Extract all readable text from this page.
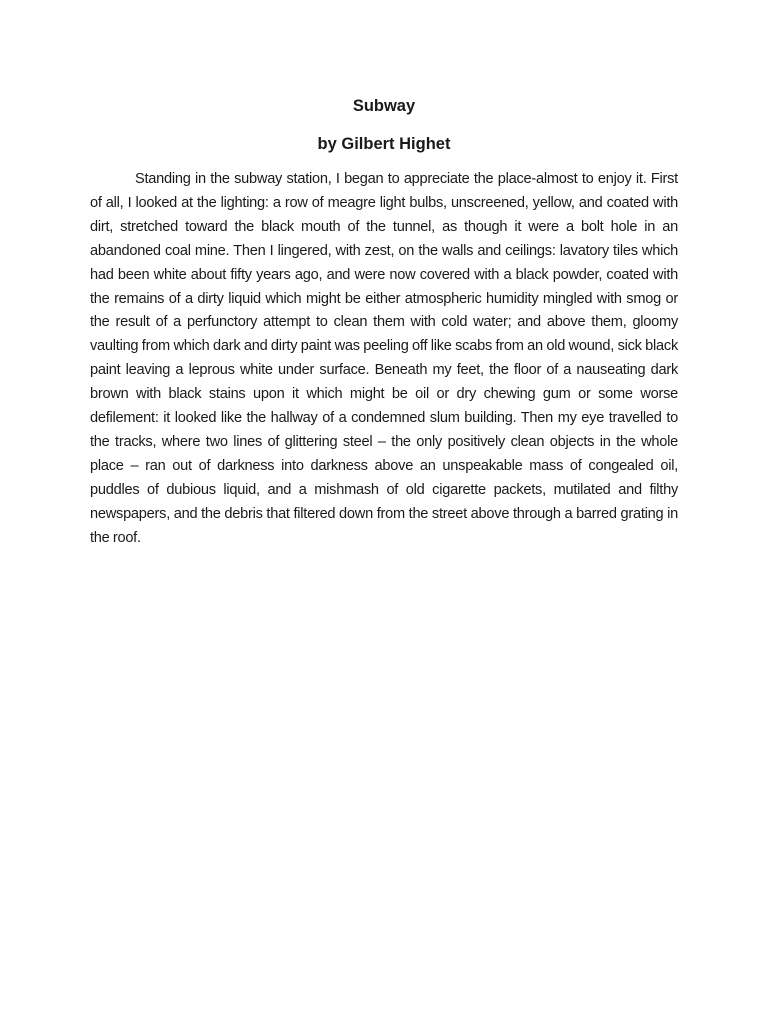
Subway
by Gilbert Highet

Standing in the subway station, I began to appreciate the place-almost to enjoy it. First of all, I looked at the lighting: a row of meagre light bulbs, unscreened, yellow, and coated with dirt, stretched toward the black mouth of the tunnel, as though it were a bolt hole in an abandoned coal mine. Then I lingered, with zest, on the walls and ceilings: lavatory tiles which had been white about fifty years ago, and were now covered with a black powder, coated with the remains of a dirty liquid which might be either atmospheric humidity mingled with smog or the result of a perfunctory attempt to clean them with cold water; and above them, gloomy vaulting from which dark and dirty paint was peeling off like scabs from an old wound, sick black paint leaving a leprous white under surface. Beneath my feet, the floor of a nauseating dark brown with black stains upon it which might be oil or dry chewing gum or some worse defilement: it looked like the hallway of a condemned slum building. Then my eye travelled to the tracks, where two lines of glittering steel – the only positively clean objects in the whole place – ran out of darkness into darkness above an unspeakable mass of congealed oil, puddles of dubious liquid, and a mishmash of old cigarette packets, mutilated and filthy newspapers, and the debris that filtered down from the street above through a barred grating in the roof.
